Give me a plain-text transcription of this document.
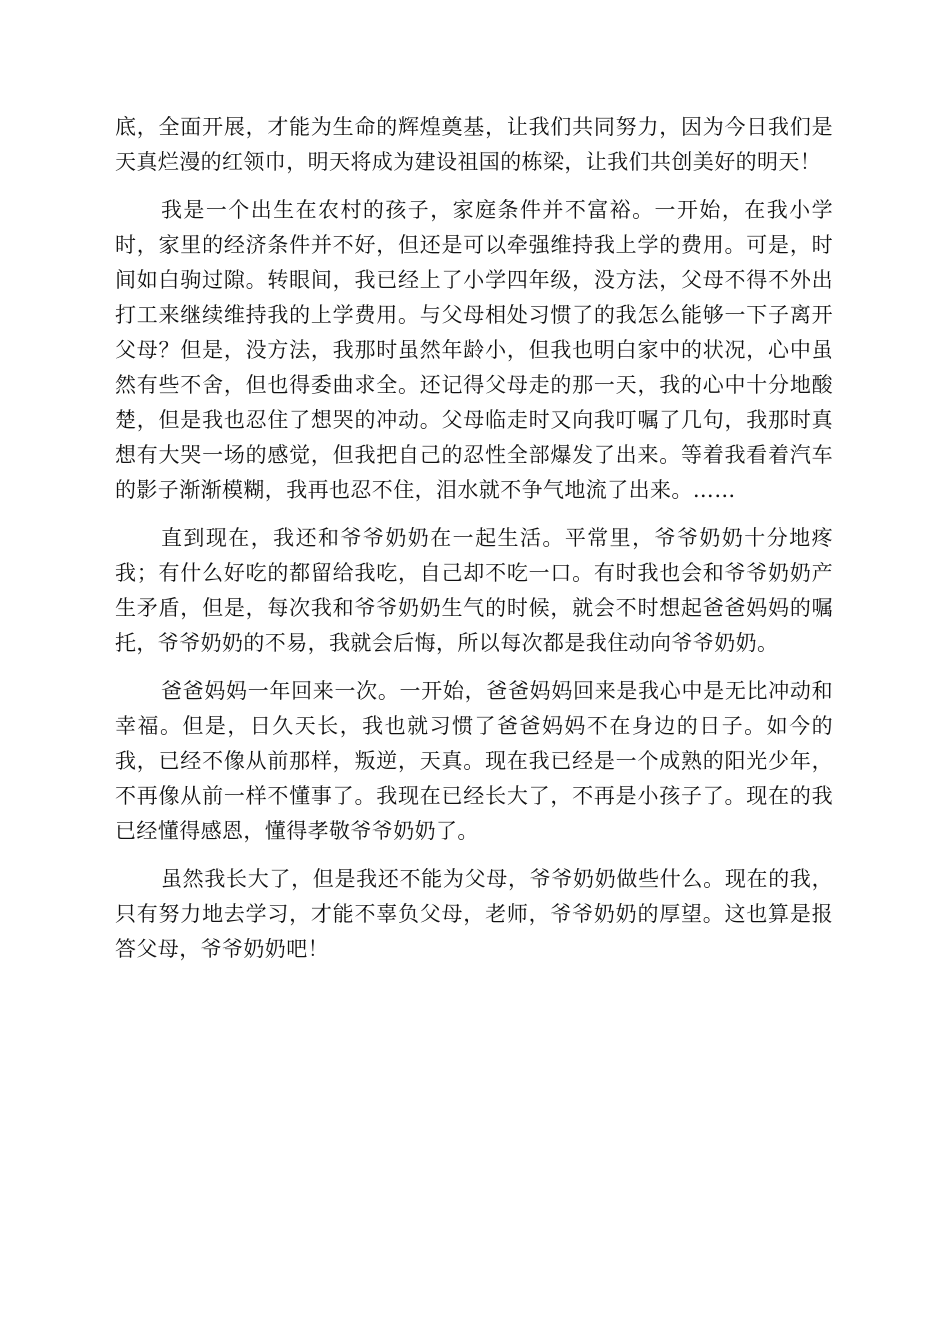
底，全面开展，才能为生命的辉煌奠基，让我们共同努力，因为今日我们是天真烂漫的红领巾，明天将成为建设祖国的栋梁，让我们共创美好的明天！

我是一个出生在农村的孩子，家庭条件并不富裕。一开始，在我小学时，家里的经济条件并不好，但还是可以牵强维持我上学的费用。可是，时间如白驹过隙。转眼间，我已经上了小学四年级，没方法，父母不得不外出打工来继续维持我的上学费用。与父母相处习惯了的我怎么能够一下子离开父母？但是，没方法，我那时虽然年龄小，但我也明白家中的状况，心中虽然有些不舍，但也得委曲求全。还记得父母走的那一天，我的心中十分地酸楚，但是我也忍住了想哭的冲动。父母临走时又向我叮嘱了几句，我那时真想有大哭一场的感觉，但我把自己的忍性全部爆发了出来。等着我看着汽车的影子渐渐模糊，我再也忍不住，泪水就不争气地流了出来。……

直到现在，我还和爷爷奶奶在一起生活。平常里，爷爷奶奶十分地疼我；有什么好吃的都留给我吃，自己却不吃一口。有时我也会和爷爷奶奶产生矛盾，但是，每次我和爷爷奶奶生气的时候，就会不时想起爸爸妈妈的嘱托，爷爷奶奶的不易，我就会后悔，所以每次都是我住动向爷爷奶奶。

爸爸妈妈一年回来一次。一开始，爸爸妈妈回来是我心中是无比冲动和幸福。但是，日久天长，我也就习惯了爸爸妈妈不在身边的日子。如今的我，已经不像从前那样，叛逆，天真。现在我已经是一个成熟的阳光少年，不再像从前一样不懂事了。我现在已经长大了，不再是小孩子了。现在的我已经懂得感恩，懂得孝敬爷爷奶奶了。

虽然我长大了，但是我还不能为父母，爷爷奶奶做些什么。现在的我，只有努力地去学习，才能不辜负父母，老师，爷爷奶奶的厚望。这也算是报答父母，爷爷奶奶吧！
